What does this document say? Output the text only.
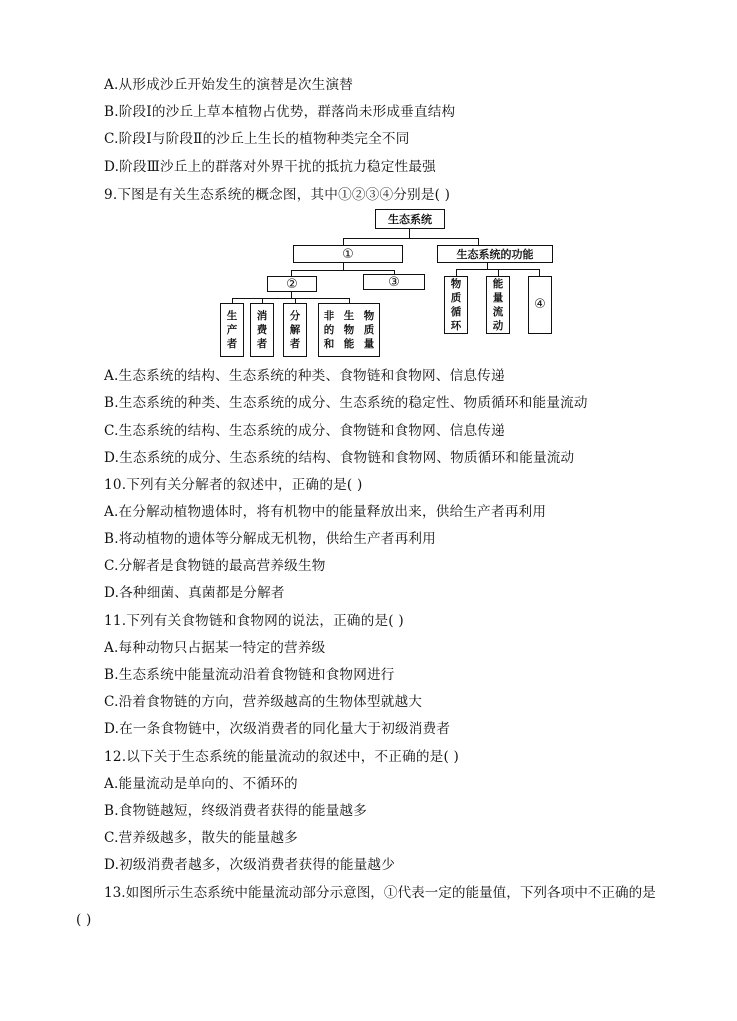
A.从形成沙丘开始发生的演替是次生演替
B.阶段Ⅰ的沙丘上草本植物占优势，群落尚未形成垂直结构
C.阶段Ⅰ与阶段Ⅱ的沙丘上生长的植物种类完全不同
D.阶段Ⅲ沙丘上的群落对外界干扰的抵抗力稳定性最强
9.下图是有关生态系统的概念图，其中①②③④分别是( )
生态系统
①	生态系统的功能
②	③	物
质
循
环
能
量
流
动
④
生
产
者
消
费
者
分
解
者
非
的
和
生
物
能
物
质
量
A.生态系统的结构、生态系统的种类、食物链和食物网、信息传递
B.生态系统的种类、生态系统的成分、生态系统的稳定性、物质循环和能量流动
C.生态系统的结构、生态系统的成分、食物链和食物网、信息传递
D.生态系统的成分、生态系统的结构、食物链和食物网、物质循环和能量流动
10.下列有关分解者的叙述中，正确的是( )
A.在分解动植物遗体时，将有机物中的能量释放出来，供给生产者再利用
B.将动植物的遗体等分解成无机物，供给生产者再利用
C.分解者是食物链的最高营养级生物
D.各种细菌、真菌都是分解者
11.下列有关食物链和食物网的说法，正确的是( )
A.每种动物只占据某一特定的营养级
B.生态系统中能量流动沿着食物链和食物网进行
C.沿着食物链的方向，营养级越高的生物体型就越大
D.在一条食物链中，次级消费者的同化量大于初级消费者
12.以下关于生态系统的能量流动的叙述中，不正确的是( )
A.能量流动是单向的、不循环的
B.食物链越短，终级消费者获得的能量越多
C.营养级越多，散失的能量越多
D.初级消费者越多，次级消费者获得的能量越少
13.如图所示生态系统中能量流动部分示意图，①代表一定的能量值，下列各项中不正确的是
( )
